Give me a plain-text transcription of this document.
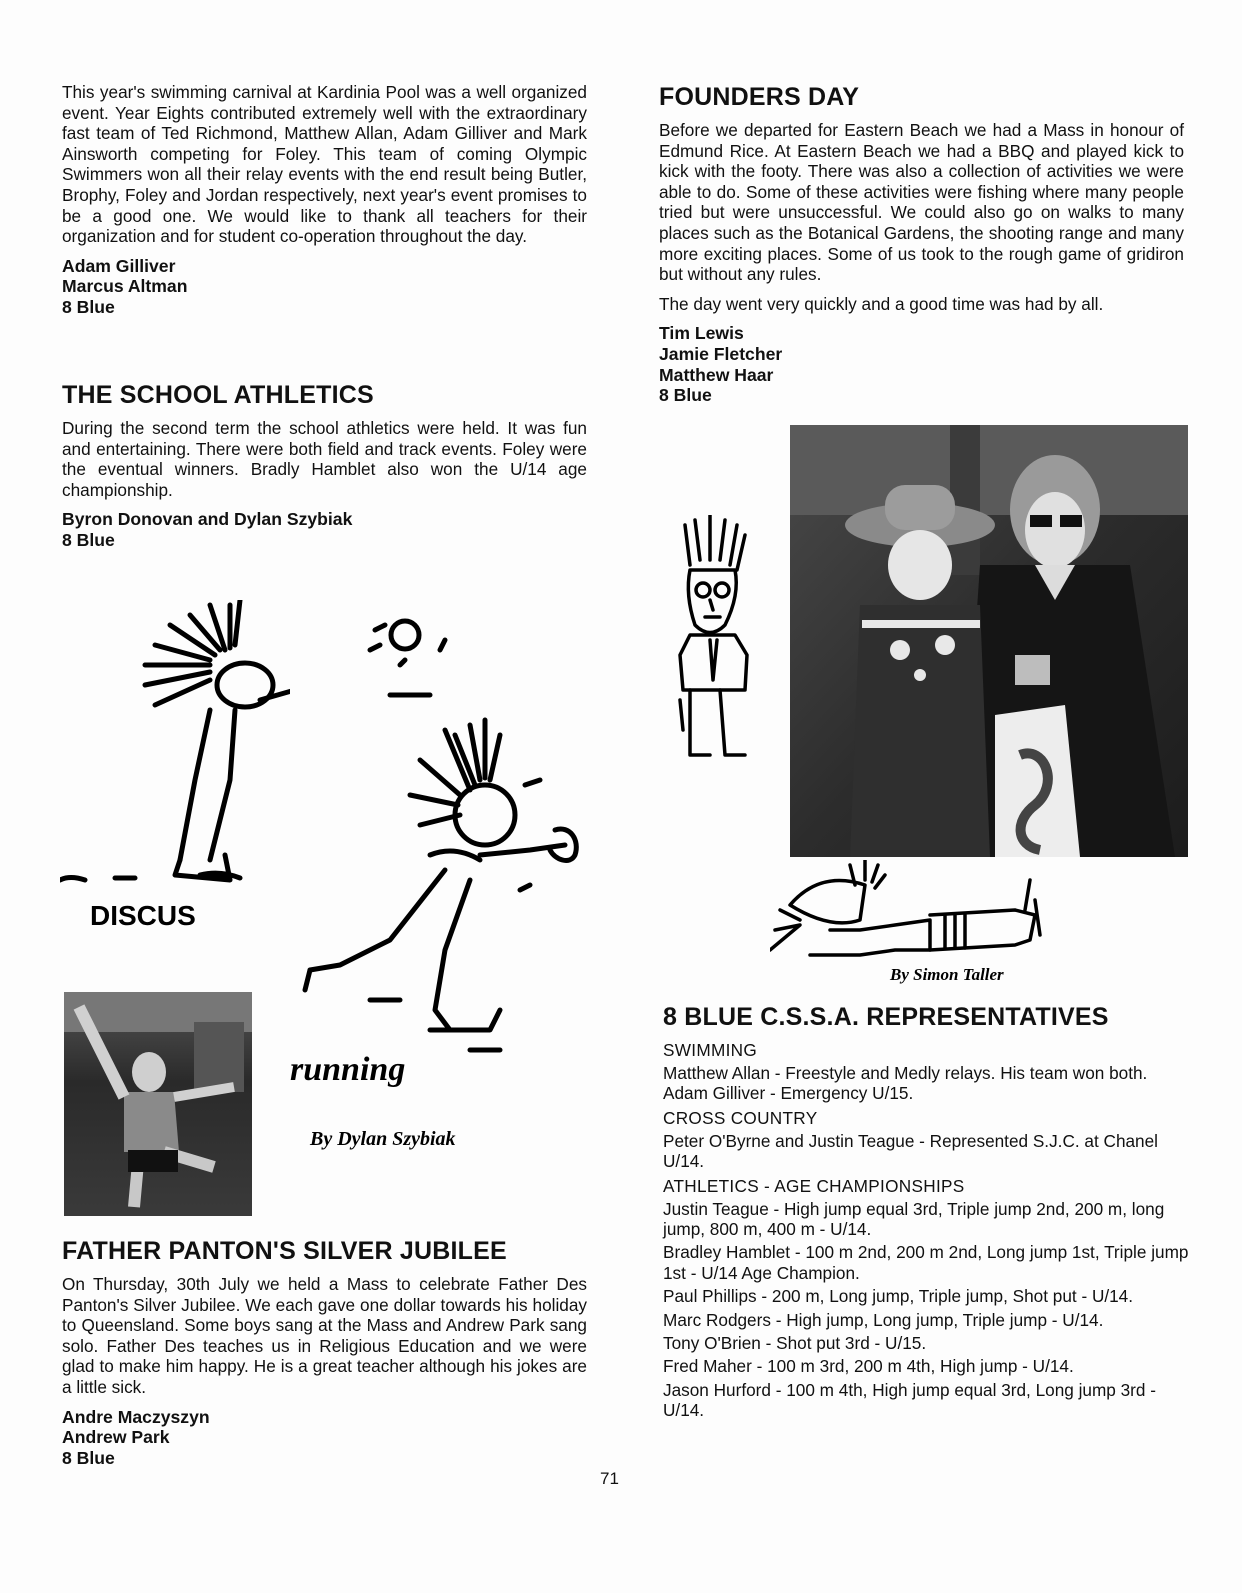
This year's swimming carnival at Kardinia Pool was a well organized event. Year Eights contributed extremely well with the extraordinary fast team of Ted Richmond, Matthew Allan, Adam Gilliver and Mark Ainsworth competing for Foley. This team of coming Olympic Swimmers won all their relay events with the end result being Butler, Brophy, Foley and Jordan respectively, next year's event promises to be a good one. We would like to thank all teachers for their organization and for student co-operation throughout the day.

Adam Gilliver
Marcus Altman
8 Blue
THE SCHOOL ATHLETICS

During the second term the school athletics were held. It was fun and entertaining. There were both field and track events. Foley were the eventual winners. Bradly Hamblet also won the U/14 age championship.

Byron Donovan and Dylan Szybiak
8 Blue
DISCUS
running
By Dylan Szybiak
FATHER PANTON'S SILVER JUBILEE

On Thursday, 30th July we held a Mass to celebrate Father Des Panton's Silver Jubilee. We each gave one dollar towards his holiday to Queensland. Some boys sang at the Mass and Andrew Park sang solo. Father Des teaches us in Religious Education and we were glad to make him happy. He is a great teacher although his jokes are a little sick.

Andre Maczyszyn
Andrew Park
8 Blue
FOUNDERS DAY

Before we departed for Eastern Beach we had a Mass in honour of Edmund Rice. At Eastern Beach we had a BBQ and played kick to kick with the footy. There was also a collection of activities we were able to do. Some of these activities were fishing where many people tried but were unsuccessful. We could also go on walks to many places such as the Botanical Gardens, the shooting range and many more exciting places. Some of us took to the rough game of gridiron but without any rules.

The day went very quickly and a good time was had by all.

Tim Lewis
Jamie Fletcher
Matthew Haar
8 Blue
By Simon Taller
8 BLUE C.S.S.A. REPRESENTATIVES
SWIMMING
Matthew Allan - Freestyle and Medly relays. His team won both. Adam Gilliver - Emergency U/15.
CROSS COUNTRY
Peter O'Byrne and Justin Teague - Represented S.J.C. at Chanel U/14.
ATHLETICS - AGE CHAMPIONSHIPS
Justin Teague - High jump equal 3rd, Triple jump 2nd, 200 m, long jump, 800 m, 400 m - U/14.
Bradley Hamblet - 100 m 2nd, 200 m 2nd, Long jump 1st, Triple jump 1st - U/14 Age Champion.
Paul Phillips - 200 m, Long jump, Triple jump, Shot put - U/14.
Marc Rodgers - High jump, Long jump, Triple jump - U/14.
Tony O'Brien - Shot put 3rd - U/15.
Fred Maher - 100 m 3rd, 200 m 4th, High jump - U/14.
Jason Hurford - 100 m 4th, High jump equal 3rd, Long jump 3rd - U/14.
71
